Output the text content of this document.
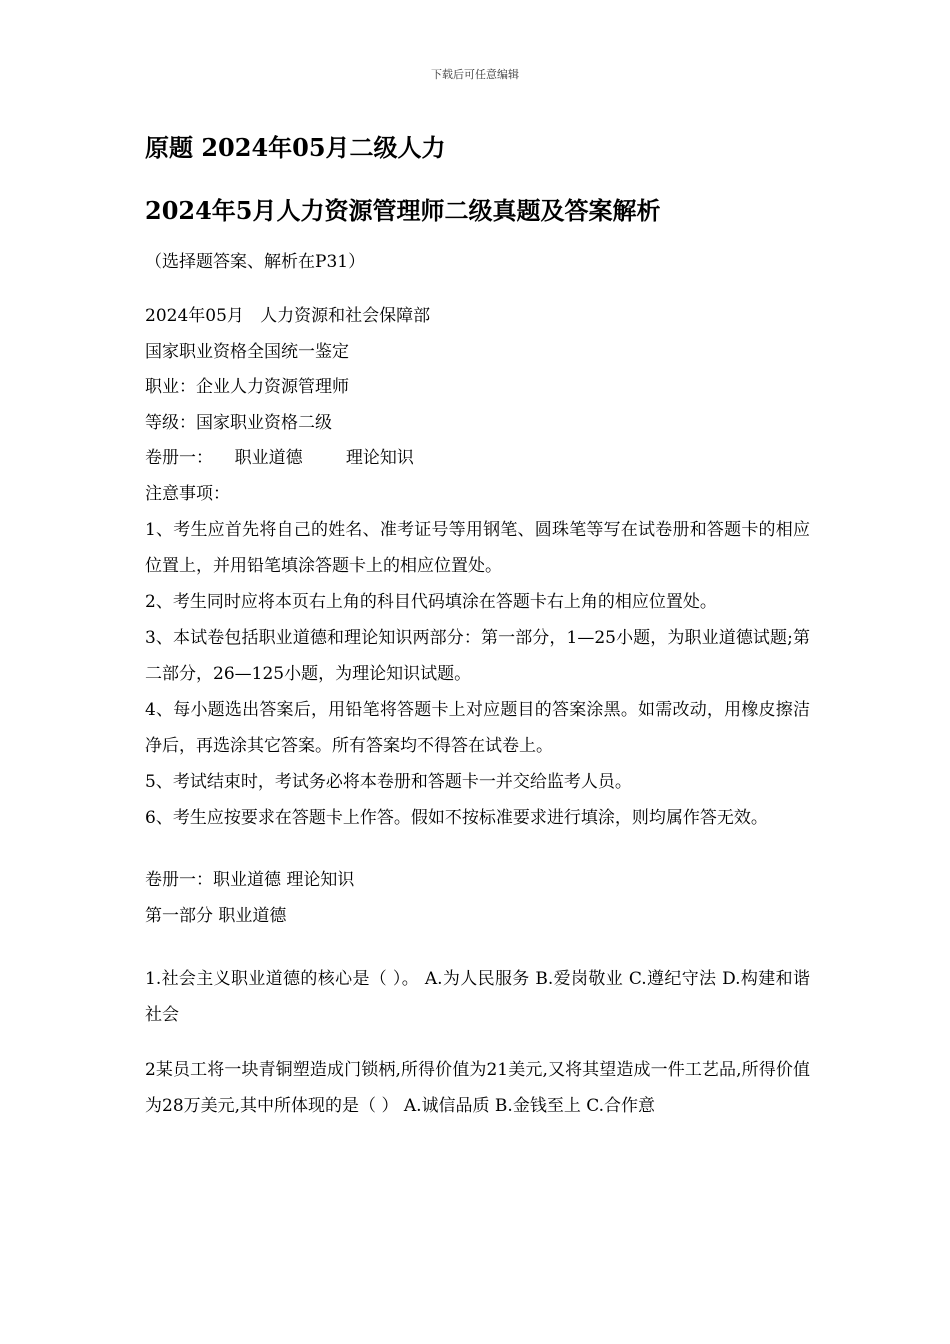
下载后可任意编辑
原题 2024年05月二级人力
2024年5月人力资源管理师二级真题及答案解析
（选择题答案、解析在P31）
2024年05月   人力资源和社会保障部
国家职业资格全国统一鉴定
职业：企业人力资源管理师
等级：国家职业资格二级
卷册一：    职业道德        理论知识
注意事项：
1、考生应首先将自己的姓名、准考证号等用钢笔、圆珠笔等写在试卷册和答题卡的相应位置上，并用铅笔填涂答题卡上的相应位置处。
2、考生同时应将本页右上角的科目代码填涂在答题卡右上角的相应位置处。
3、本试卷包括职业道德和理论知识两部分：第一部分，1—25小题，为职业道德试题;第二部分，26—125小题，为理论知识试题。
4、每小题选出答案后，用铅笔将答题卡上对应题目的答案涂黑。如需改动，用橡皮擦洁净后，再选涂其它答案。所有答案均不得答在试卷上。
5、考试结束时，考试务必将本卷册和答题卡一并交给监考人员。
6、考生应按要求在答题卡上作答。假如不按标准要求进行填涂，则均属作答无效。
卷册一：职业道德 理论知识
第一部分 职业道德
1.社会主义职业道德的核心是（ ）。 A.为人民服务 B.爱岗敬业 C.遵纪守法 D.构建和谐社会
2某员工将一块青铜塑造成门锁柄,所得价值为21美元,又将其望造成一件工艺品,所得价值为28万美元,其中所体现的是（ ） A.诚信品质 B.金钱至上 C.合作意
